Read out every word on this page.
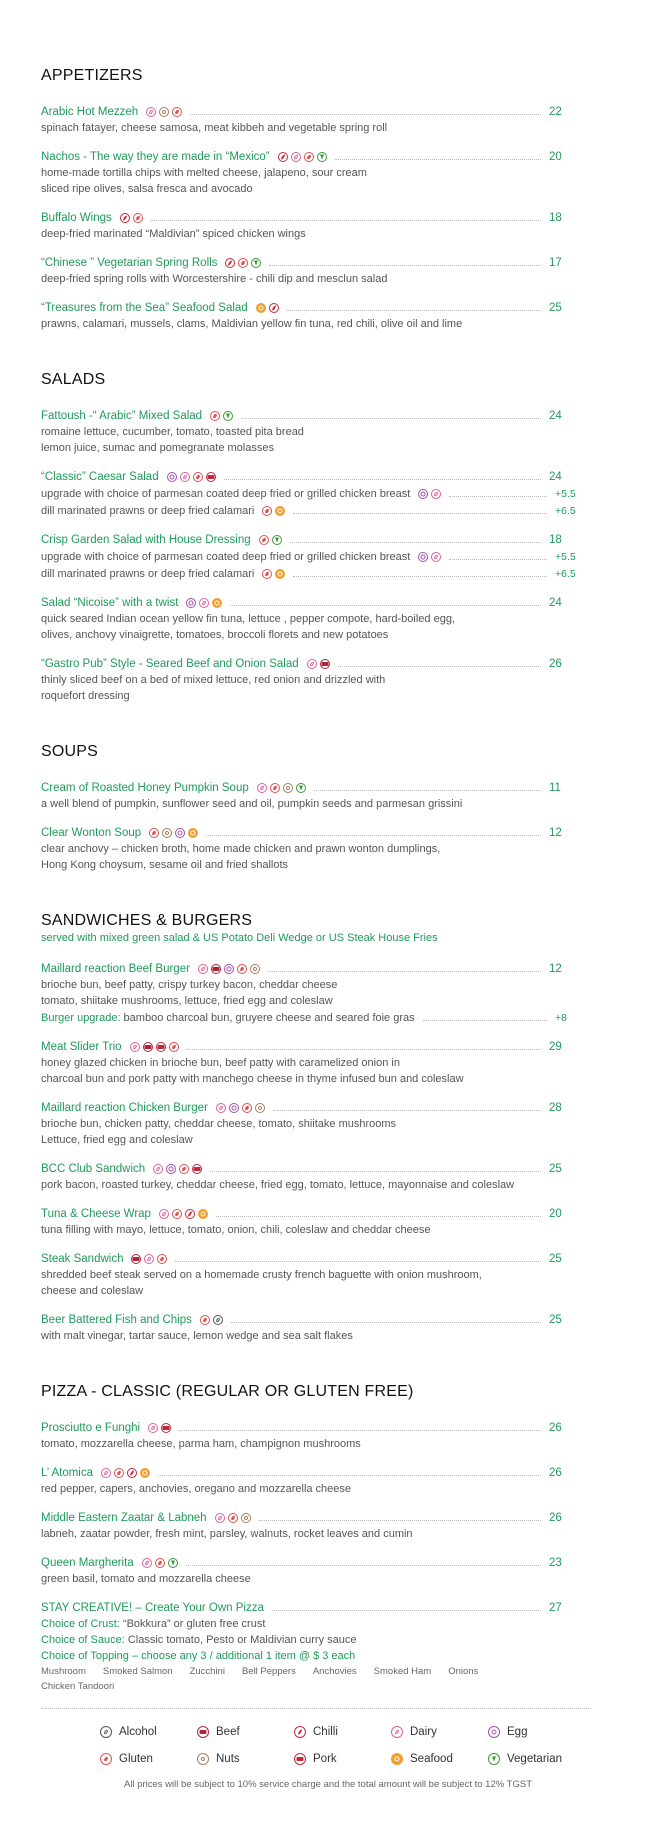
APPETIZERS
Arabic Hot Mezzeh	22
spinach fatayer, cheese samosa, meat kibbeh and vegetable spring roll
Nachos - The way they are made in “Mexico”	20
home-made tortilla chips with melted cheese, jalapeno, sour cream
sliced ripe olives, salsa fresca and avocado
Buffalo Wings	18
deep-fried marinated “Maldivian” spiced chicken wings
“Chinese ” Vegetarian Spring Rolls	17
deep-fried spring rolls with Worcestershire - chili dip and mesclun salad
“Treasures from the Sea” Seafood Salad	25
prawns, calamari, mussels, clams, Maldivian yellow fin tuna, red chili, olive oil and lime
SALADS
Fattoush -“ Arabic” Mixed Salad	24
romaine lettuce, cucumber, tomato, toasted pita bread
lemon juice, sumac and pomegranate molasses
“Classic” Caesar Salad	24
upgrade with choice of parmesan coated deep fried or grilled chicken breast	+5.5
dill marinated prawns or deep fried calamari	+6.5
Crisp Garden Salad with House Dressing	18
upgrade with choice of parmesan coated deep fried or grilled chicken breast	+5.5
dill marinated prawns or deep fried calamari	+6.5
Salad “Nicoise” with a twist	24
quick seared Indian ocean yellow fin tuna, lettuce , pepper compote, hard-boiled egg,
olives, anchovy vinaigrette, tomatoes, broccoli florets and new potatoes
“Gastro Pub” Style - Seared Beef and Onion Salad	26
thinly sliced beef on a bed of mixed lettuce, red onion and drizzled with
roquefort dressing
SOUPS
Cream of Roasted Honey Pumpkin Soup	11
a well blend of pumpkin, sunflower seed and oil, pumpkin seeds and parmesan grissini
Clear Wonton Soup	12
clear anchovy – chicken broth, home made chicken and prawn wonton dumplings,
Hong Kong choysum, sesame oil and fried shallots
SANDWICHES & BURGERS
served with mixed green salad & US Potato Deli Wedge or US Steak House Fries
Maillard reaction Beef Burger	12
brioche bun, beef patty, crispy turkey bacon, cheddar cheese
tomato, shiitake mushrooms, lettuce, fried egg and coleslaw
Burger upgrade: bamboo charcoal bun, gruyere cheese and seared foie gras	+8
Meat Slider Trio	29
honey glazed chicken in brioche bun, beef patty with caramelized onion in
charcoal bun and pork patty with manchego cheese in thyme infused bun and coleslaw
Maillard reaction Chicken Burger	28
brioche bun, chicken patty, cheddar cheese, tomato, shiitake mushrooms
Lettuce, fried egg and coleslaw
BCC Club Sandwich	25
pork bacon, roasted turkey, cheddar cheese, fried egg, tomato, lettuce, mayonnaise and coleslaw
Tuna & Cheese Wrap	20
tuna filling with mayo, lettuce, tomato, onion, chili, coleslaw and cheddar cheese
Steak Sandwich	25
shredded beef steak served on a homemade crusty french baguette with onion mushroom,
cheese and coleslaw
Beer Battered Fish and Chips	25
with malt vinegar, tartar sauce, lemon wedge and sea salt flakes
PIZZA - CLASSIC (REGULAR OR GLUTEN FREE)
Prosciutto e Funghi	26
tomato, mozzarella cheese, parma ham, champignon mushrooms
L’ Atomica	26
red pepper, capers, anchovies, oregano and mozzarella cheese
Middle Eastern Zaatar & Labneh	26
labneh, zaatar powder, fresh mint, parsley, walnuts, rocket leaves and cumin
Queen Margherita	23
green basil, tomato and mozzarella cheese
STAY CREATIVE! – Create Your Own Pizza	27
Choice of Crust: “Bokkura” or gluten free crust
Choice of Sauce: Classic tomato, Pesto or Maldivian curry sauce
Choice of Topping – choose any 3 / additional 1 item @ $ 3 each
Mushroom Smoked Salmon Zucchini Bell Peppers Anchovies Smoked Ham Onions
Chicken Tandoori
Alcohol	Beef	Chilli	Dairy	Egg
Gluten	Nuts	Pork	Seafood	Vegetarian
All prices will be subject to 10% service charge and the total amount will be subject to 12% TGST
